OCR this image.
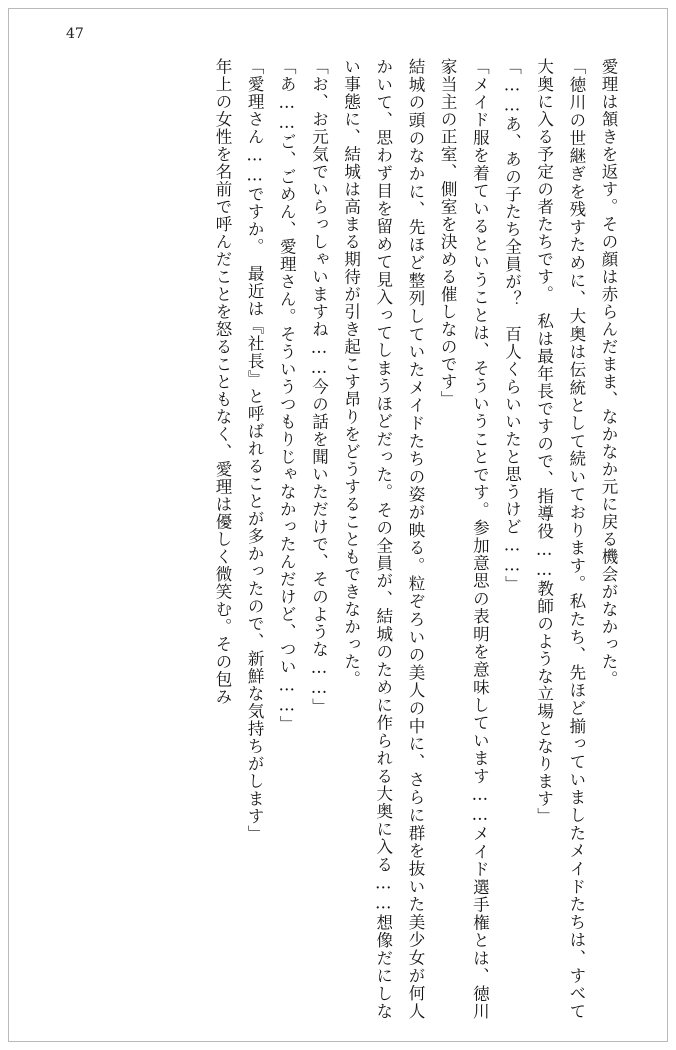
47

愛理は頷きを返す。その顔は赤らんだまま、なかなか元に戻る機会がなかった。

「徳川の世継ぎを残すために、大奥は伝統として続いております。私たち、先ほど揃っていましたメイドたちは、すべて大奥に入る予定の者たちです。　私は最年長ですので、指導役……教師のような立場となります」

「……あ、あの子たち全員が？　百人くらいいたと思うけど……」

「メイド服を着ているということは、そういうことです。参加意思の表明を意味しています……メイド選手権とは、徳川家当主の正室、側室を決める催しなのです」

結城の頭のなかに、先ほど整列していたメイドたちの姿が映る。粒ぞろいの美人の中に、さらに群を抜いた美少女が何人かいて、思わず目を留めて見入ってしまうほどだった。その全員が、結城のために作られる大奥に入る……想像だにしない事態に、結城は高まる期待が引き起こす昂りをどうすることもできなかった。

「お、お元気でいらっしゃいますね……今の話を聞いただけで、そのような……」

「あ……ご、ごめん、愛理さん。そういうつもりじゃなかったんだけど、つい……」

「愛理さん……ですか。　最近は『社長』と呼ばれることが多かったので、新鮮な気持ちがします」

年上の女性を名前で呼んだことを怒ることもなく、愛理は優しく微笑む。その包み
